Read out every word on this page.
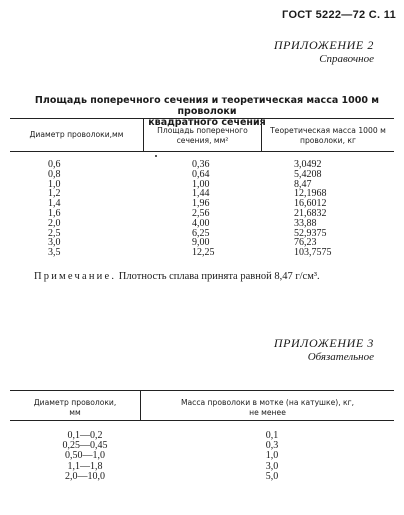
ГОСТ 5222—72 С. 11
ПРИЛОЖЕНИЕ 2
Справочное
Площадь поперечного сечения и теоретическая масса 1000 м проволоки
квадратного сечения
Диаметр проволоки,мм	Площадь поперечного
сечения, мм²
Теоретическая масса 1000 м
проволоки, кг
0,6
0,8
1,0
1,2
1,4
1,6
2,0
2,5
3,0
3,5
0,36
0,64
1,00
1,44
1,96
2,56
4,00
6,25
9,00
12,25
3,0492
5,4208
8,47
12,1968
16,6012
21,6832
33,88
52,9375
76,23
103,7575
Примечание. Плотность сплава принята равной 8,47 г/см³.
ПРИЛОЖЕНИЕ 3
Обязательное
Диаметр проволоки,
мм
Масса проволоки в мотке (на катушке), кг,
не менее
0,1—0,2
0,25—0,45
0,50—1,0
1,1—1,8
2,0—10,0
0,1
0,3
1,0
3,0
5,0
